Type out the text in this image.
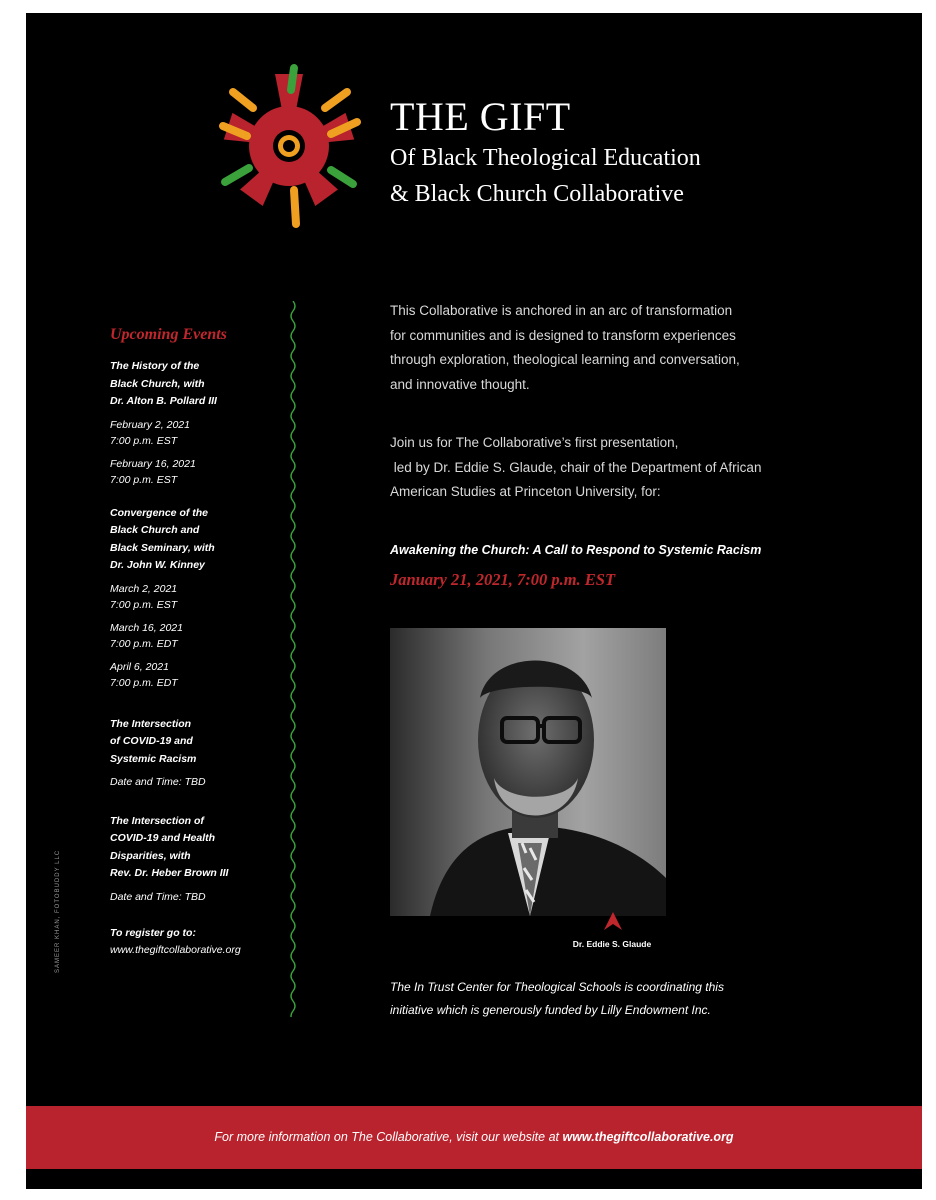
THE GIFT
Of Black Theological Education
& Black Church Collaborative
Upcoming Events
The History of the
Black Church, with
Dr. Alton B. Pollard III
February 2, 2021
7:00 p.m. EST
February 16, 2021
7:00 p.m. EST
Convergence of the
Black Church and
Black Seminary, with
Dr. John W. Kinney
March 2, 2021
7:00 p.m. EST
March 16, 2021
7:00 p.m. EDT
April 6, 2021
7:00 p.m. EDT
The Intersection
of COVID-19 and
Systemic Racism
Date and Time: TBD
The Intersection of
COVID-19 and Health
Disparities, with
Rev. Dr. Heber Brown III
Date and Time: TBD
To register go to:
www.thegiftcollaborative.org
SAMEER KHAN, FOTOBUDDY LLC

This Collaborative is anchored in an arc of transformation
for communities and is designed to transform experiences
through exploration, theological learning and conversation,
and innovative thought.

Join us for The Collaborative’s first presentation,
led by Dr. Eddie S. Glaude, chair of the Department of African
American Studies at Princeton University, for:

Awakening the Church: A Call to Respond to Systemic Racism
January 21, 2021, 7:00 p.m. EST
Dr. Eddie S. Glaude

The In Trust Center for Theological Schools is coordinating this
initiative which is generously funded by Lilly Endowment Inc.

For more information on The Collaborative, visit our website at www.thegiftcollaborative.org
